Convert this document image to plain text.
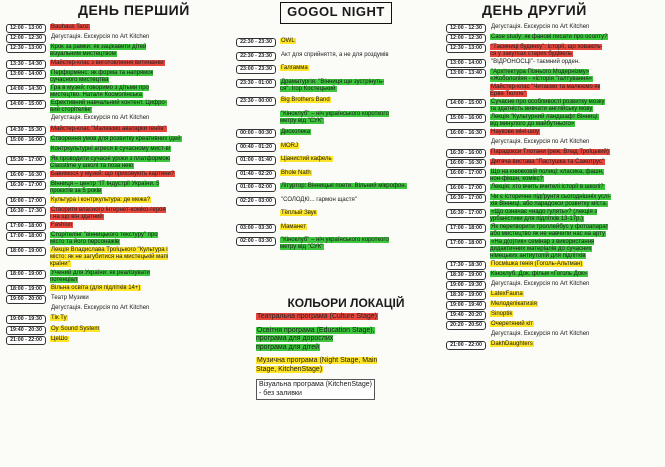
ДЕНЬ ПЕРШИЙ
12:00 - 13:00	Bauhaus Tanz
12:00 - 12:30	Дегустація. Екскурсія по Art Kitchen
12:30 - 13:00	Крок за рамки: як зацікавити дітей
візуальним мистецтвом
13:30 - 14:30	Майстер-клас з виготовлення витинанки
13:00 - 14:00	Перформенс: як форма та напрямок
сучасного мистецтва
14:00 - 14:30	Гра в музей: говоримо з дітьми про
мистецтво. Наталя Космолінська
14:00 - 15:00	Ефективний навчальний контент. Цифро-
вий сторітелінг
Дегустація. Екскурсія по Art Kitchen
14:30 - 15:30	Майстер-клас "Малюємо аватарки геніїв"
15:00 - 16:00	Створення умов для розвитку креативних ідей
Контркультурні агреси в сучасному мист-ві
15:30 - 17:00	Як проводити сучасні уроки з платформою
Classtime у школі та поза нею
16:00 - 16:30	Бавимося у музей: що приховують картини?
16:30 - 17:00	Вінниця – центр "IT Індустрії України. 5
проєктів за 5 років
16:00 - 17:00	Культура і контркультура: де межа?
16:30 - 17:30	Створити власного інтернет-коміко-героя
і на що він здатний
17:00 - 18:00	Fashion
17:00 - 18:00	Сторітелінг "вінницького текстуру" про
місто та його персонажів
18:00 - 19:00	Лекція Владислава Троїцького "Культура і
місто: як не загубитися на мистецькій мапі
країни"
18:00 - 19:00	Учений для України: як реалізувати
потенціал
18:00 - 19:00	Вільна освіта (для підлітків 14+)
19:00 - 20:00	Театр Музики
Дегустація. Екскурсія по Art Kitchen
19:00 - 19:30	Tік Ту
19:40 - 20:30	Oy Sound System
21:00 - 22:00	ЦеШо
GOGOL NIGHT
22:30 - 23:30	OWL
22:30 - 23:30	Акт для сприйняття, а не для роздумів
23:00 - 23:30	Галгамма
23:30 - 01:00	Драматургія: "Вінниця ще зустрінуть-
ся". Ігор Костецький
23:30 - 00:00	Big Brothers Band
"Кіноклуб" – ніч українського короткого
метру від "СУК"
00:00 - 00:30	Дископека
00:40 - 01:20	MORJ
01:00 - 01:40	Ціанистий кафель
01:40 - 02:20	Bhole Nath
01:00 - 02:00	Літуртор: Вінницькі поети. Вільний мікрофон.
02:20 - 03:00	"СОЛОДКІ... гармон щастя"
Тёплый Звук
03:00 - 03:30	Маманет
02:00 - 03:30	"Кіноклуб" – ніч українського короткого
метру від "СУК"
КОЛЬОРИ ЛОКАЦІЙ
Театральна програма (Culture Stage)
Освітня програма (Education Stage),
програма для дорослих
програма для дітей
Музична програма (Night Stage, Main
Stage, KitchenStage)
Візуальна програма (KitchenStage)
- без заливки
ДЕНЬ ДРУГИЙ
12:00 - 12:30	Дегустація. Екскурсія по Art Kitchen
12:00 - 12:30	Case study: як фанові писати про осолту?
12:30 - 13:00	"Таємниці будинку": історії, що ховають-
ся у закутках старих будівель
13:00 - 14:00	"ВІДРОНОСЦІ"- таємний орден.
13:00 - 13:40	"Архітектура Пізнього Модернізму»
«Жобололіяя - «історія "галтування»
Майстер-клас "Читаємо та малюємо як
Ерве Тюлле"
14:00 - 15:00	Сучасне про особливості розвитку мозку
та здатність вивчати англійську мову
15:00 - 16:00	Лекція "Культурний ландшафт Вінниці:
від минулого до майбутнього»
16:00 - 16:30	Наукове міні-шоу
Дегустація. Екскурсія по Art Kitchen
16:30 - 16:00	Парадокси Тлотани (реж. Влад Троїцький)
16:00 - 16:30	Дитяча вистава "Пастушка та Сажотрус"
16:00 - 17:00	Що на книжковій полиці: класика, фашн,
нон-фікшн, комікс?
16:00 - 17:00	Лекція: хто вчить вчителі історії в школі?
16:30 - 17:00	Чи є історичне підґрунтя сьогоднішніх услі-
хів Вінниці, або парадокси розвитку міста.
16:30 - 17:00	«Що означає «надо гулять»? (лекція з
урбаністики для підлітків 13-17р.)
17:00 - 18:00	Як перетворити троллейбус у фотоапарат
або мистецтво як не навчили нас на арту
17:00 - 18:00	«На д(о)тик» семінар з використання
дидактичних матеріалів до сучасних
німецьких антиутопій для підлітків
17:30 - 18:30	Посмішка генія (Гоголь-Альтман)
18:30 - 19:00	Кіноклуб. Док. фільм «Гоголь Док»
19:00 - 19:30	Дегустація. Екскурсія по Art Kitchen
18:30 - 19:00	LatexFauna
19:00 - 19:40	Мелоделікатизія
19:40 - 20:20	Sinoptik
20:20 - 20:50	Очеретяний кіт
Дегустація. Екскурсія по Art Kitchen
21:00 - 22:00	DakhDaughters
